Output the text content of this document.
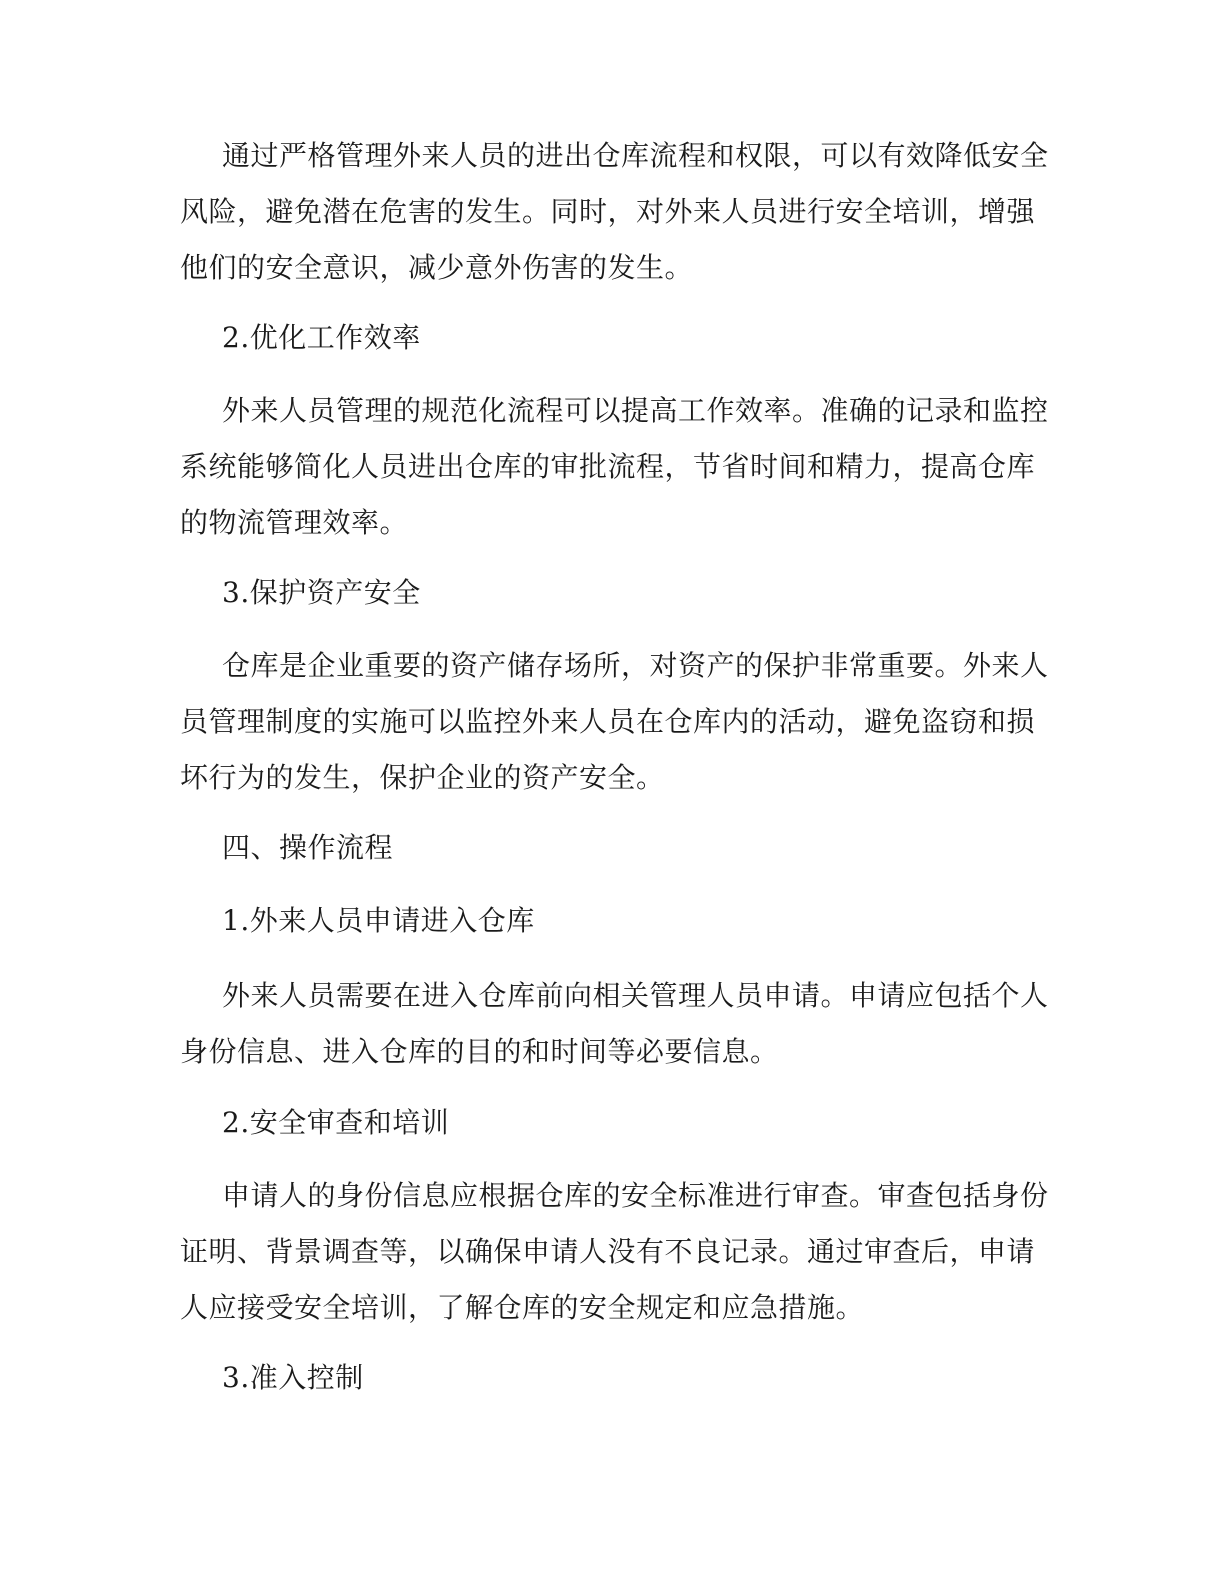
通过严格管理外来人员的进出仓库流程和权限，可以有效降低安全
风险，避免潜在危害的发生。同时，对外来人员进行安全培训，增强
他们的安全意识，减少意外伤害的发生。

2.优化工作效率

外来人员管理的规范化流程可以提高工作效率。准确的记录和监控
系统能够简化人员进出仓库的审批流程，节省时间和精力，提高仓库
的物流管理效率。

3.保护资产安全

仓库是企业重要的资产储存场所，对资产的保护非常重要。外来人
员管理制度的实施可以监控外来人员在仓库内的活动，避免盗窃和损
坏行为的发生，保护企业的资产安全。

四、操作流程
1.外来人员申请进入仓库

外来人员需要在进入仓库前向相关管理人员申请。申请应包括个人
身份信息、进入仓库的目的和时间等必要信息。

2.安全审查和培训

申请人的身份信息应根据仓库的安全标准进行审查。审查包括身份
证明、背景调查等，以确保申请人没有不良记录。通过审查后，申请
人应接受安全培训，了解仓库的安全规定和应急措施。

3.准入控制
